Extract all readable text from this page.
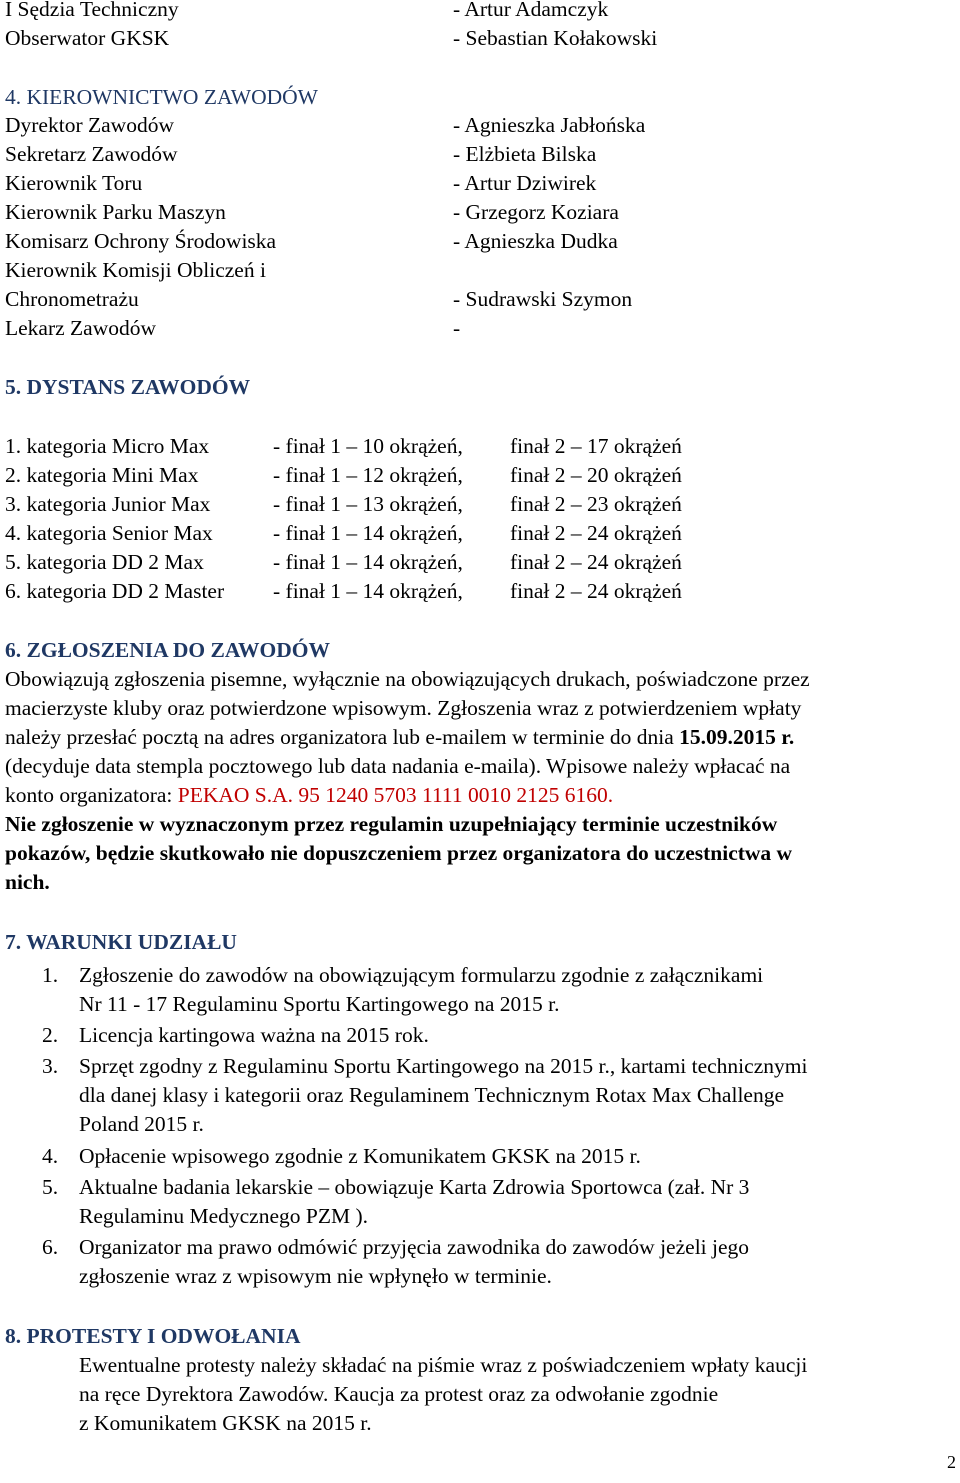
I Sędzia Techniczny	- Artur Adamczyk
Obserwator GKSK	- Sebastian Kołakowski
4. KIEROWNICTWO ZAWODÓW
Dyrektor Zawodów	- Agnieszka Jabłońska
Sekretarz Zawodów	- Elżbieta Bilska
Kierownik Toru	- Artur Dziwirek
Kierownik Parku Maszyn	- Grzegorz Koziara
Komisarz Ochrony Środowiska	- Agnieszka Dudka
Kierownik Komisji Obliczeń i
Chronometrażu	- Sudrawski Szymon
Lekarz Zawodów	-
5. DYSTANS ZAWODÓW
1. kategoria Micro Max	- finał 1 – 10 okrążeń, finał 2 – 17 okrążeń
2. kategoria Mini Max	- finał 1 – 12 okrążeń, finał 2 – 20 okrążeń
3. kategoria Junior Max	- finał 1 – 13 okrążeń, finał 2 – 23 okrążeń
4. kategoria Senior Max	- finał 1 – 14 okrążeń, finał 2 – 24 okrążeń
5. kategoria DD 2 Max	- finał 1 – 14 okrążeń, finał 2 – 24 okrążeń
6. kategoria DD 2 Master - finał 1 – 14 okrążeń, finał 2 – 24 okrążeń
6. ZGŁOSZENIA DO ZAWODÓW
Obowiązują zgłoszenia pisemne, wyłącznie na obowiązujących drukach, poświadczone przez
macierzyste kluby oraz potwierdzone wpisowym. Zgłoszenia wraz z potwierdzeniem wpłaty
należy przesłać pocztą na adres organizatora lub e-mailem w terminie do dnia 15.09.2015 r.
(decyduje data stempla pocztowego lub data nadania e-maila). Wpisowe należy wpłacać na
konto organizatora: PEKAO S.A. 95 1240 5703 1111 0010 2125 6160.
Nie zgłoszenie w wyznaczonym przez regulamin uzupełniający terminie uczestników
pokazów, będzie skutkowało nie dopuszczeniem przez organizatora do uczestnictwa w
nich.
7. WARUNKI UDZIAŁU
1. Zgłoszenie do zawodów na obowiązującym formularzu zgodnie z załącznikami
Nr 11 - 17 Regulaminu Sportu Kartingowego na 2015 r.
2. Licencja kartingowa ważna na 2015 rok.
3. Sprzęt zgodny z Regulaminu Sportu Kartingowego na 2015 r., kartami technicznymi
dla danej klasy i kategorii oraz Regulaminem Technicznym Rotax Max Challenge
Poland 2015 r.
4. Opłacenie wpisowego zgodnie z Komunikatem GKSK na 2015 r.
5. Aktualne badania lekarskie – obowiązuje Karta Zdrowia Sportowca (zał. Nr 3
Regulaminu Medycznego PZM ).
6. Organizator ma prawo odmówić przyjęcia zawodnika do zawodów jeżeli jego
zgłoszenie wraz z wpisowym nie wpłynęło w terminie.
8. PROTESTY I ODWOŁANIA
Ewentualne protesty należy składać na piśmie wraz z poświadczeniem wpłaty kaucji
na ręce Dyrektora Zawodów. Kaucja za protest oraz za odwołanie zgodnie
z Komunikatem GKSK na 2015 r.
2
